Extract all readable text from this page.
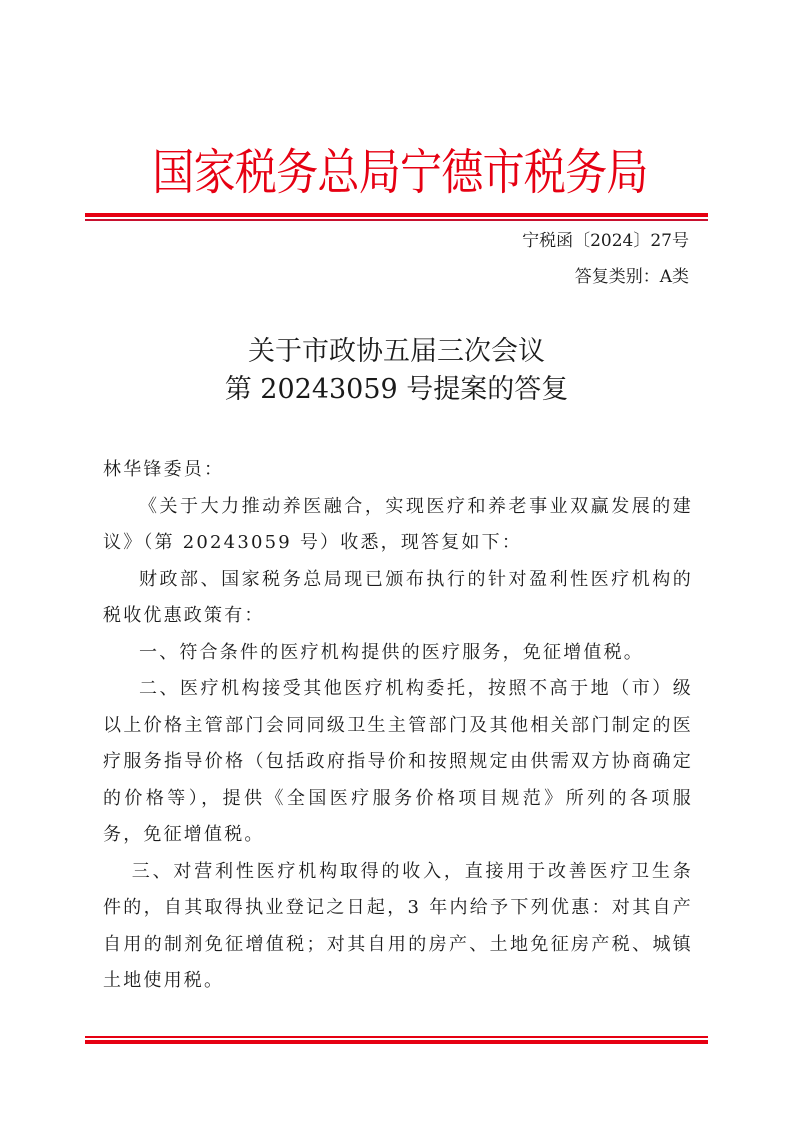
国家税务总局宁德市税务局
宁税函〔2024〕27号
答复类别：A类
关于市政协五届三次会议
第 20243059 号提案的答复

林华锋委员：

《关于大力推动养医融合，实现医疗和养老事业双赢发展的建议》（第 20243059 号）收悉，现答复如下：

财政部、国家税务总局现已颁布执行的针对盈利性医疗机构的税收优惠政策有：

一、符合条件的医疗机构提供的医疗服务，免征增值税。

二、医疗机构接受其他医疗机构委托，按照不高于地（市）级以上价格主管部门会同同级卫生主管部门及其他相关部门制定的医疗服务指导价格（包括政府指导价和按照规定由供需双方协商确定的价格等），提供《全国医疗服务价格项目规范》所列的各项服务，免征增值税。

三、对营利性医疗机构取得的收入，直接用于改善医疗卫生条件的，自其取得执业登记之日起，3 年内给予下列优惠：对其自产自用的制剂免征增值税；对其自用的房产、土地免征房产税、城镇土地使用税。
